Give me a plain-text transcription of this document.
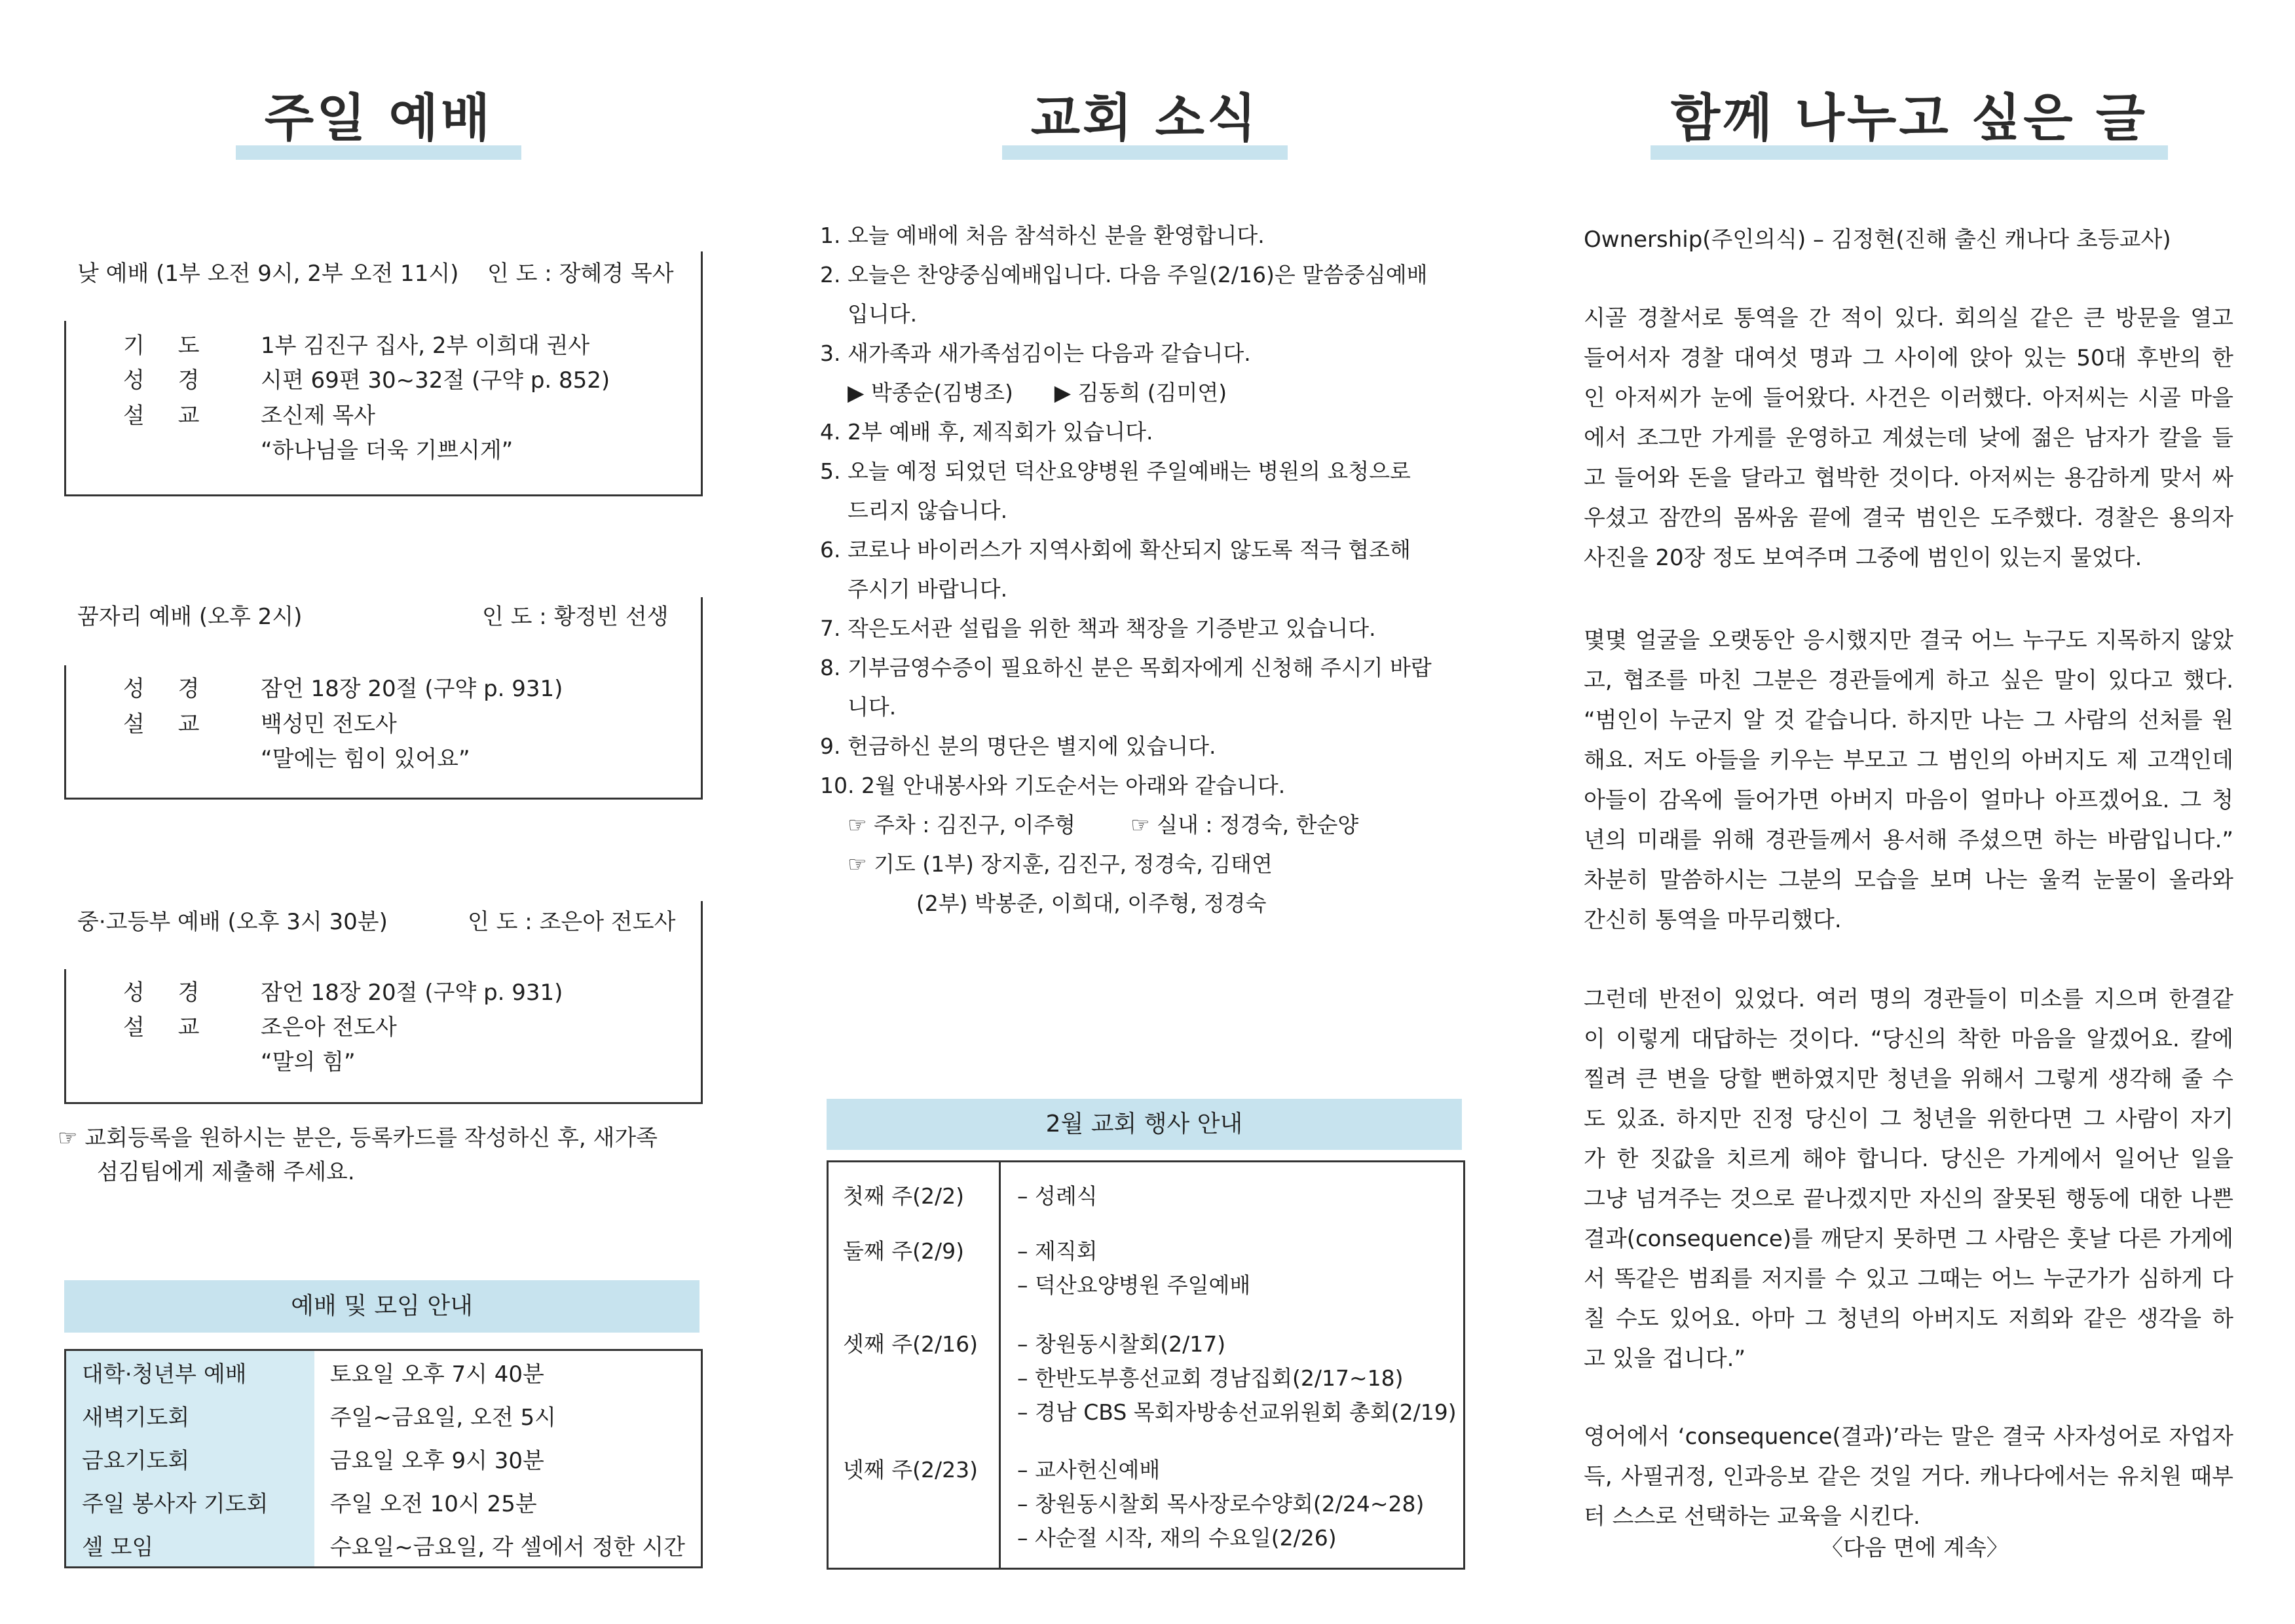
주일 예배
낮 예배 (1부 오전 9시, 2부 오전 11시) 인 도 : 장혜경 목사
기 도 1부 김진구 집사, 2부 이희대 권사
성 경 시편 69편 30~32절 (구약 p. 852)
설 교 조신제 목사
“하나님을 더욱 기쁘시게”
꿈자리 예배 (오후 2시)	인 도 : 황정빈 선생
성 경 잠언 18장 20절 (구약 p. 931)
설 교 백성민 전도사
“말에는 힘이 있어요”
중·고등부 예배 (오후 3시 30분)	인 도 : 조은아 전도사
성 경 잠언 18장 20절 (구약 p. 931)
설 교 조은아 전도사
“말의 힘”
☞ 교회등록을 원하시는 분은, 등록카드를 작성하신 후, 새가족
섬김팀에게 제출해 주세요.
예배 및 모임 안내
대학·청년부 예배	토요일 오후 7시 40분
새벽기도회	주일~금요일, 오전 5시
금요기도회	금요일 오후 9시 30분
주일 봉사자 기도회	주일 오전 10시 25분
셀 모임	수요일~금요일, 각 셀에서 정한 시간
교회 소식
1. 오늘 예배에 처음 참석하신 분을 환영합니다.
2. 오늘은 찬양중심예배입니다. 다음 주일(2/16)은 말씀중심예배
입니다.
3. 새가족과 새가족섬김이는 다음과 같습니다.
▶ 박종순(김병조)      ▶ 김동희 (김미연)
4. 2부 예배 후, 제직회가 있습니다.
5. 오늘 예정 되었던 덕산요양병원 주일예배는 병원의 요청으로
드리지 않습니다.
6. 코로나 바이러스가 지역사회에 확산되지 않도록 적극 협조해
주시기 바랍니다.
7. 작은도서관 설립을 위한 책과 책장을 기증받고 있습니다.
8. 기부금영수증이 필요하신 분은 목회자에게 신청해 주시기 바랍
니다.
9. 헌금하신 분의 명단은 별지에 있습니다.
10. 2월 안내봉사와 기도순서는 아래와 같습니다.
☞ 주차 : 김진구, 이주형        ☞ 실내 : 정경숙, 한순양
☞ 기도 (1부) 장지훈, 김진구, 정경숙, 김태연
(2부) 박봉준, 이희대, 이주형, 정경숙
2월 교회 행사 안내
첫째 주(2/2) – 성례식
둘째 주(2/9) – 제직회
– 덕산요양병원 주일예배
셋째 주(2/16) – 창원동시찰회(2/17)
– 한반도부흥선교회 경남집회(2/17~18)
– 경남 CBS 목회자방송선교위원회 총회(2/19)
넷째 주(2/23) – 교사헌신예배
– 창원동시찰회 목사장로수양회(2/24~28)
– 사순절 시작, 재의 수요일(2/26)
함께 나누고 싶은 글
Ownership(주인의식) – 김정현(진해 출신 캐나다 초등교사)
시골 경찰서로 통역을 간 적이 있다. 회의실 같은 큰 방문을 열고
들어서자 경찰 대여섯 명과 그 사이에 앉아 있는 50대 후반의 한
인 아저씨가 눈에 들어왔다. 사건은 이러했다. 아저씨는 시골 마을
에서 조그만 가게를 운영하고 계셨는데 낮에 젊은 남자가 칼을 들
고 들어와 돈을 달라고 협박한 것이다. 아저씨는 용감하게 맞서 싸
우셨고 잠깐의 몸싸움 끝에 결국 범인은 도주했다. 경찰은 용의자
사진을 20장 정도 보여주며 그중에 범인이 있는지 물었다.
몇몇 얼굴을 오랫동안 응시했지만 결국 어느 누구도 지목하지 않았
고, 협조를 마친 그분은 경관들에게 하고 싶은 말이 있다고 했다.
“범인이 누군지 알 것 같습니다. 하지만 나는 그 사람의 선처를 원
해요. 저도 아들을 키우는 부모고 그 범인의 아버지도 제 고객인데
아들이 감옥에 들어가면 아버지 마음이 얼마나 아프겠어요. 그 청
년의 미래를 위해 경관들께서 용서해 주셨으면 하는 바람입니다.”
차분히 말씀하시는 그분의 모습을 보며 나는 울컥 눈물이 올라와
간신히 통역을 마무리했다.
그런데 반전이 있었다. 여러 명의 경관들이 미소를 지으며 한결같
이 이렇게 대답하는 것이다. “당신의 착한 마음을 알겠어요. 칼에
찔려 큰 변을 당할 뻔하였지만 청년을 위해서 그렇게 생각해 줄 수
도 있죠. 하지만 진정 당신이 그 청년을 위한다면 그 사람이 자기
가 한 짓값을 치르게 해야 합니다. 당신은 가게에서 일어난 일을
그냥 넘겨주는 것으로 끝나겠지만 자신의 잘못된 행동에 대한 나쁜
결과(consequence)를 깨닫지 못하면 그 사람은 훗날 다른 가게에
서 똑같은 범죄를 저지를 수 있고 그때는 어느 누군가가 심하게 다
칠 수도 있어요. 아마 그 청년의 아버지도 저희와 같은 생각을 하
고 있을 겁니다.”
영어에서 ‘consequence(결과)’라는 말은 결국 사자성어로 자업자
득, 사필귀정, 인과응보 같은 것일 거다. 캐나다에서는 유치원 때부
터 스스로 선택하는 교육을 시킨다.
〈다음 면에 계속〉
